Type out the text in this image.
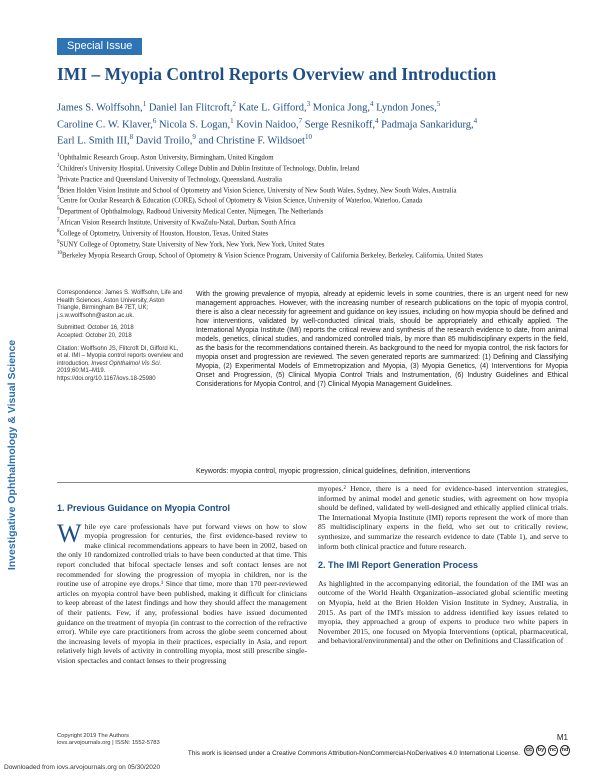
Investigative Ophthalmology & Visual Science
Special Issue
IMI – Myopia Control Reports Overview and Introduction
James S. Wolffsohn,$^1$ Daniel Ian Flitcroft,$^2$ Kate L. Gifford,$^3$ Monica Jong,$^4$ Lyndon Jones,$^5$
Caroline C. W. Klaver,$^6$ Nicola S. Logan,$^1$ Kovin Naidoo,$^7$ Serge Resnikoff,$^4$ Padmaja Sankaridurg,$^4$
Earl L. Smith III,$^8$ David Troilo,$^9$ and Christine F. Wildsoet$^{10}$
$^1$Ophthalmic Research Group, Aston University, Birmingham, United Kingdom
$^2$Children's University Hospital, University College Dublin and Dublin Institute of Technology, Dublin, Ireland
$^3$Private Practice and Queensland University of Technology, Queensland, Australia
$^4$Brien Holden Vision Institute and School of Optometry and Vision Science, University of New South Wales, Sydney, New South Wales, Australia
$^5$Centre for Ocular Research & Education (CORE), School of Optometry & Vision Science, University of Waterloo, Waterloo, Canada
$^6$Department of Ophthalmology, Radboud University Medical Center, Nijmegen, The Netherlands
$^7$African Vision Research Institute, University of KwaZulu-Natal, Durban, South Africa
$^8$College of Optometry, University of Houston, Houston, Texas, United States
$^9$SUNY College of Optometry, State University of New York, New York, New York, United States
$^{10}$Berkeley Myopia Research Group, School of Optometry & Vision Science Program, University of California Berkeley, Berkeley, California, United States

Correspondence: James S. Wolffsohn, Life and Health Sciences, Aston University, Aston Triangle, Birmingham B4 7ET, UK; j.s.w.wolffsohn@aston.ac.uk.

Submitted: October 16, 2018
Accepted: October 20, 2018

Citation: Wolffsohn JS, Flitcroft DI, Gifford KL, et al. IMI – Myopia control reports overview and introduction. Invest Ophthalmol Vis Sci. 2019;60:M1–M19. https://doi.org/10.1167/iovs.18-25980

With the growing prevalence of myopia, already at epidemic levels in some countries, there is an urgent need for new management approaches. However, with the increasing number of research publications on the topic of myopia control, there is also a clear necessity for agreement and guidance on key issues, including on how myopia should be defined and how interventions, validated by well-conducted clinical trials, should be appropriately and ethically applied. The International Myopia Institute (IMI) reports the critical review and synthesis of the research evidence to date, from animal models, genetics, clinical studies, and randomized controlled trials, by more than 85 multidisciplinary experts in the field, as the basis for the recommendations contained therein. As background to the need for myopia control, the risk factors for myopia onset and progression are reviewed. The seven generated reports are summarized: (1) Defining and Classifying Myopia, (2) Experimental Models of Emmetropization and Myopia, (3) Myopia Genetics, (4) Interventions for Myopia Onset and Progression, (5) Clinical Myopia Control Trials and Instrumentation, (6) Industry Guidelines and Ethical Considerations for Myopia Control, and (7) Clinical Myopia Management Guidelines.
Keywords: myopia control, myopic progression, clinical guidelines, definition, interventions
1. Previous Guidance on Myopia Control

While eye care professionals have put forward views on how to slow myopia progression for centuries, the first evidence-based review to make clinical recommendations appears to have been in 2002, based on the only 10 randomized controlled trials to have been conducted at that time. This report concluded that bifocal spectacle lenses and soft contact lenses are not recommended for slowing the progression of myopia in children, nor is the routine use of atropine eye drops.¹ Since that time, more than 170 peer-reviewed articles on myopia control have been published, making it difficult for clinicians to keep abreast of the latest findings and how they should affect the management of their patients. Few, if any, professional bodies have issued documented guidance on the treatment of myopia (in contrast to the correction of the refractive error). While eye care practitioners from across the globe seem concerned about the increasing levels of myopia in their practices, especially in Asia, and report relatively high levels of activity in controlling myopia, most still prescribe single-vision spectacles and contact lenses to their progressing

myopes.² Hence, there is a need for evidence-based intervention strategies, informed by animal model and genetic studies, with agreement on how myopia should be defined, validated by well-designed and ethically applied clinical trials. The International Myopia Institute (IMI) reports represent the work of more than 85 multidisciplinary experts in the field, who set out to critically review, synthesize, and summarize the research evidence to date (Table 1), and serve to inform both clinical practice and future research.

2. The IMI Report Generation Process

As highlighted in the accompanying editorial, the foundation of the IMI was an outcome of the World Health Organization–associated global scientific meeting on Myopia, held at the Brien Holden Vision Institute in Sydney, Australia, in 2015. As part of the IMI's mission to address identified key issues related to myopia, they approached a group of experts to produce two white papers in November 2015, one focused on Myopia Interventions (optical, pharmaceutical, and behavioral/environmental) and the other on Definitions and Classification of

Copyright 2019 The Authors
iovs.arvojournals.org | ISSN: 1552-5783
M1
This work is licensed under a Creative Commons Attribution-NonCommercial-NoDerivatives 4.0 International License.	cc	by	nc nd
Downloaded from iovs.arvojournals.org on 05/30/2020
